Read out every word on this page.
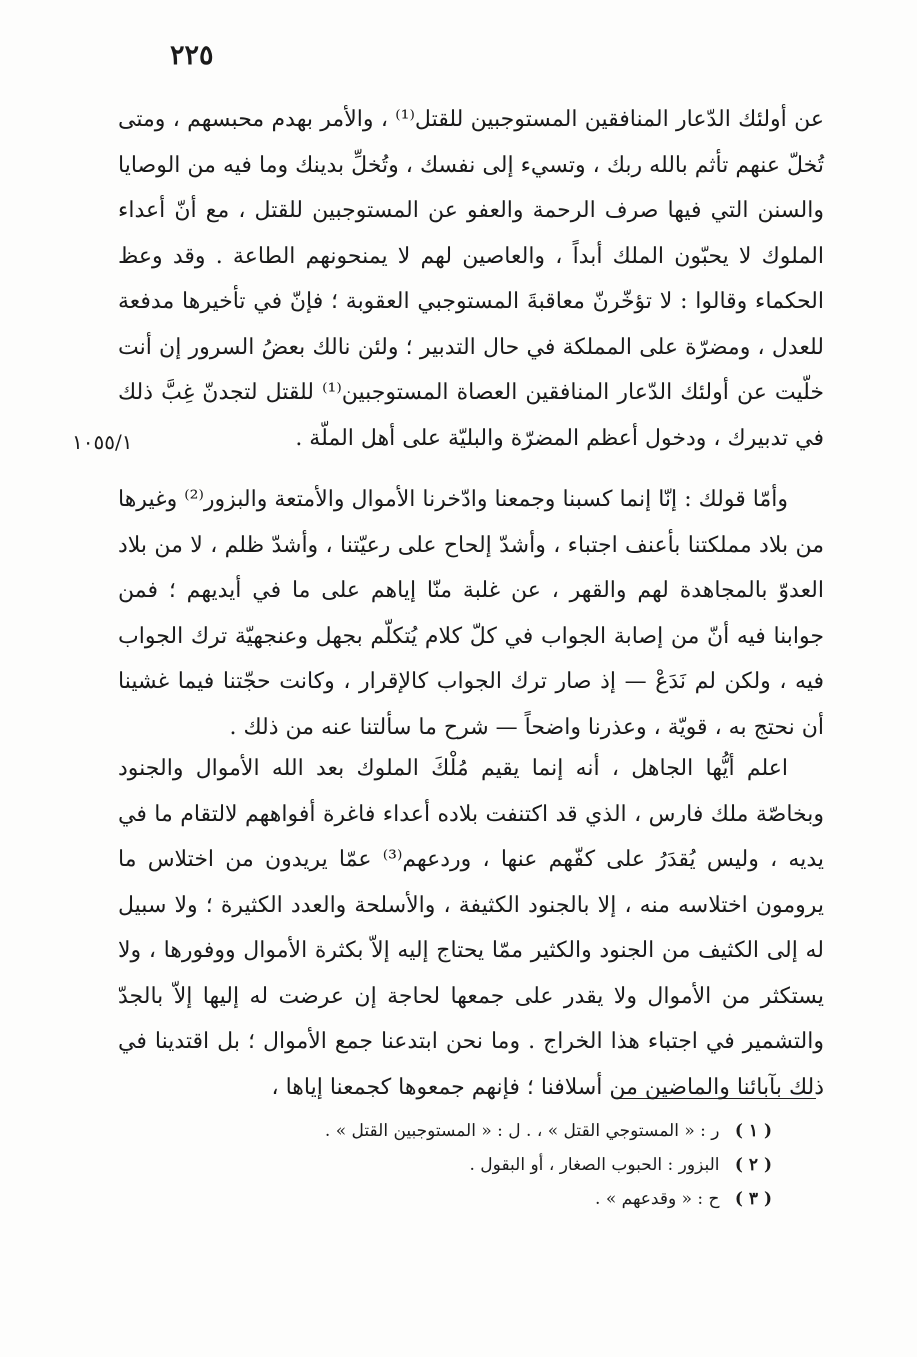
٢٢٥
١٠٥٥/١

عن أولئك الدّعار المنافقين المستوجبين للقتل⁽¹⁾ ، والأمر بهدم محبسهم ، ومتى تُخلّ عنهم تأثم بالله ربك ، وتسيء إلى نفسك ، وتُخلِّ بدينك وما فيه من الوصايا والسنن التي فيها صرف الرحمة والعفو عن المستوجبين للقتل ، مع أنّ أعداء الملوك لا يحبّون الملك أبداً ، والعاصين لهم لا يمنحونهم الطاعة . وقد وعظ الحكماء وقالوا : لا تؤخّرنّ معاقبةَ المستوجبي العقوبة ؛ فإنّ في تأخيرها مدفعة للعدل ، ومضرّة على المملكة في حال التدبير ؛ ولئن نالك بعضُ السرور إن أنت خلّيت عن أولئك الدّعار المنافقين العصاة المستوجبين⁽¹⁾ للقتل لتجدنّ غِبَّ ذلك في تدبيرك ، ودخول أعظم المضرّة والبليّة على أهل الملّة .

وأمّا قولك : إنّا إنما كسبنا وجمعنا وادّخرنا الأموال والأمتعة والبزور⁽²⁾ وغيرها من بلاد مملكتنا بأعنف اجتباء ، وأشدّ إلحاح على رعيّتنا ، وأشدّ ظلم ، لا من بلاد العدوّ بالمجاهدة لهم والقهر ، عن غلبة منّا إياهم على ما في أيديهم ؛ فمن جوابنا فيه أنّ من إصابة الجواب في كلّ كلام يُتكلّم بجهل وعنجهيّة ترك الجواب فيه ، ولكن لم نَدَعْ — إذ صار ترك الجواب كالإقرار ، وكانت حجّتنا فيما غشينا أن نحتج به ، قويّة ، وعذرنا واضحاً — شرح ما سألتنا عنه من ذلك .

اعلم أيُّها الجاهل ، أنه إنما يقيم مُلْكَ الملوك بعد الله الأموال والجنود وبخاصّة ملك فارس ، الذي قد اكتنفت بلاده أعداء فاغرة أفواههم لالتقام ما في يديه ، وليس يُقدَرُ على كفّهم عنها ، وردعهم⁽³⁾ عمّا يريدون من اختلاس ما يرومون اختلاسه منه ، إلا بالجنود الكثيفة ، والأسلحة والعدد الكثيرة ؛ ولا سبيل له إلى الكثيف من الجنود والكثير ممّا يحتاج إليه إلاّ بكثرة الأموال ووفورها ، ولا يستكثر من الأموال ولا يقدر على جمعها لحاجة إن عرضت له إليها إلاّ بالجدّ والتشمير في اجتباء هذا الخراج . وما نحن ابتدعنا جمع الأموال ؛ بل اقتدينا في ذلك بآبائنا والماضين من أسلافنا ؛ فإنهم جمعوها كجمعنا إياها ،

( ١ ) ر : « المستوجي القتل » ، . ل : « المستوجبين القتل » .

( ٢ ) البزور : الحبوب الصغار ، أو البقول .

( ٣ ) ح : « وقدعهم » .
